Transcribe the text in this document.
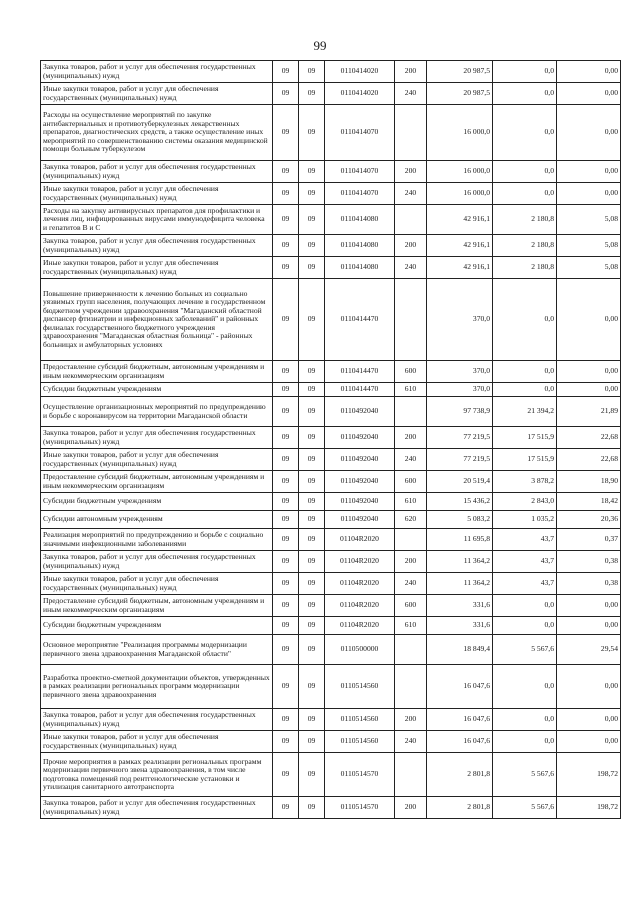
99
Закупка товаров, работ и услуг для обеспечения государственных (муниципальных) нужд	09	09	0110414020	200	20 987,5	0,0	0,00
Иные закупки товаров, работ и услуг для обеспечения государственных (муниципальных) нужд	09	09	0110414020	240	20 987,5	0,0	0,00
Расходы на осуществление мероприятий по закупке антибактериальных и противотуберкулезных лекарственных препаратов, диагностических средств, а также осуществление иных мероприятий по совершенствованию системы оказания медицинской помощи больным туберкулезом	09	09	0110414070		16 000,0	0,0	0,00
Закупка товаров, работ и услуг для обеспечения государственных (муниципальных) нужд	09	09	0110414070	200	16 000,0	0,0	0,00
Иные закупки товаров, работ и услуг для обеспечения государственных (муниципальных) нужд	09	09	0110414070	240	16 000,0	0,0	0,00
Расходы на закупку антивирусных препаратов для профилактики и лечения лиц, инфицированных вирусами иммунодефицита человека и гепатитов В и С	09	09	0110414080		42 916,1	2 180,8	5,08
Закупка товаров, работ и услуг для обеспечения государственных (муниципальных) нужд	09	09	0110414080	200	42 916,1	2 180,8	5,08
Иные закупки товаров, работ и услуг для обеспечения государственных (муниципальных) нужд	09	09	0110414080	240	42 916,1	2 180,8	5,08
Повышение приверженности к лечению больных из социально уязвимых групп населения, получающих лечение в государственном бюджетном учреждении здравоохранения "Магаданский областной диспансер фтизиатрии и инфекционных заболеваний" и районных филиалах государственного бюджетного учреждения здравоохранения "Магаданская областная больница" - районных больницах и амбулаторных условиях	09	09	0110414470		370,0	0,0	0,00
Предоставление субсидий бюджетным, автономным учреждениям и иным некоммерческим организациям	09	09	0110414470	600	370,0	0,0	0,00
Субсидии бюджетным учреждениям	09	09	0110414470	610	370,0	0,0	0,00
Осуществление организационных мероприятий по предупреждению и борьбе с коронавирусом на территории Магаданской области	09	09	0110492040		97 738,9	21 394,2	21,89
Закупка товаров, работ и услуг для обеспечения государственных (муниципальных) нужд	09	09	0110492040	200	77 219,5	17 515,9	22,68
Иные закупки товаров, работ и услуг для обеспечения государственных (муниципальных) нужд	09	09	0110492040	240	77 219,5	17 515,9	22,68
Предоставление субсидий бюджетным, автономным учреждениям и иным некоммерческим организациям	09	09	0110492040	600	20 519,4	3 878,2	18,90
Субсидии бюджетным учреждениям	09	09	0110492040	610	15 436,2	2 843,0	18,42
Субсидии автономным учреждениям	09	09	0110492040	620	5 083,2	1 035,2	20,36
Реализация мероприятий по предупреждению и борьбе с социально значимыми инфекционными заболеваниями	09	09	01104R2020		11 695,8	43,7	0,37
Закупка товаров, работ и услуг для обеспечения государственных (муниципальных) нужд	09	09	01104R2020	200	11 364,2	43,7	0,38
Иные закупки товаров, работ и услуг для обеспечения государственных (муниципальных) нужд	09	09	01104R2020	240	11 364,2	43,7	0,38
Предоставление субсидий бюджетным, автономным учреждениям и иным некоммерческим организациям	09	09	01104R2020	600	331,6	0,0	0,00
Субсидии бюджетным учреждениям	09	09	01104R2020	610	331,6	0,0	0,00
Основное мероприятие "Реализация программы модернизации первичного звена здравоохранения Магаданской области"	09	09	0110500000		18 849,4	5 567,6	29,54
Разработка проектно-сметной документации объектов, утвержденных в рамках реализации региональных программ модернизации первичного звена здравоохранения	09	09	0110514560		16 047,6	0,0	0,00
Закупка товаров, работ и услуг для обеспечения государственных (муниципальных) нужд	09	09	0110514560	200	16 047,6	0,0	0,00
Иные закупки товаров, работ и услуг для обеспечения государственных (муниципальных) нужд	09	09	0110514560	240	16 047,6	0,0	0,00
Прочие мероприятия в рамках реализации региональных программ модернизации первичного звена здравоохранения, в том числе подготовка помещений под рентгенологические установки и утилизация санитарного автотранспорта	09	09	0110514570		2 801,8	5 567,6	198,72
Закупка товаров, работ и услуг для обеспечения государственных (муниципальных) нужд	09	09	0110514570	200	2 801,8	5 567,6	198,72
